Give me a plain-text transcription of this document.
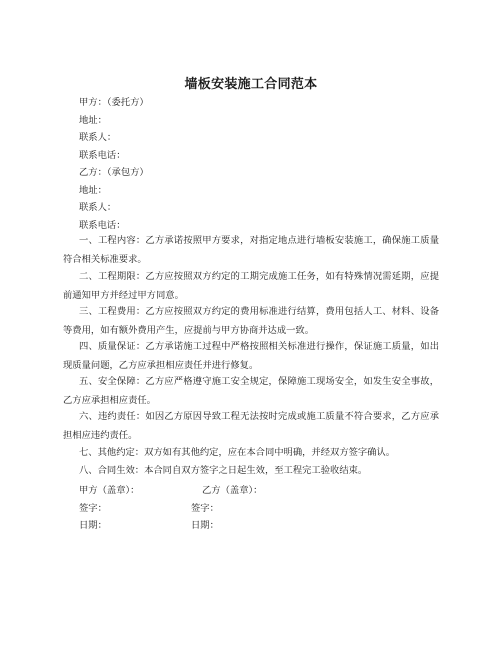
墙板安装施工合同范本
甲方：（委托方）
地址：
联系人：
联系电话：
乙方：（承包方）
地址：
联系人：
联系电话：
一、工程内容：乙方承诺按照甲方要求，对指定地点进行墙板安装施工，确保施工质量符合相关标准要求。
二、工程期限：乙方应按照双方约定的工期完成施工任务，如有特殊情况需延期，应提前通知甲方并经过甲方同意。
三、工程费用：乙方应按照双方约定的费用标准进行结算，费用包括人工、材料、设备等费用，如有额外费用产生，应提前与甲方协商并达成一致。
四、质量保证：乙方承诺施工过程中严格按照相关标准进行操作，保证施工质量，如出现质量问题，乙方应承担相应责任并进行修复。
五、安全保障：乙方应严格遵守施工安全规定，保障施工现场安全，如发生安全事故，乙方应承担相应责任。
六、违约责任：如因乙方原因导致工程无法按时完成或施工质量不符合要求，乙方应承担相应违约责任。
七、其他约定：双方如有其他约定，应在本合同中明确，并经双方签字确认。
八、合同生效：本合同自双方签字之日起生效，至工程完工验收结束。
甲方（盖章）：	乙方（盖章）：
签字：	签字：
日期：	日期：
